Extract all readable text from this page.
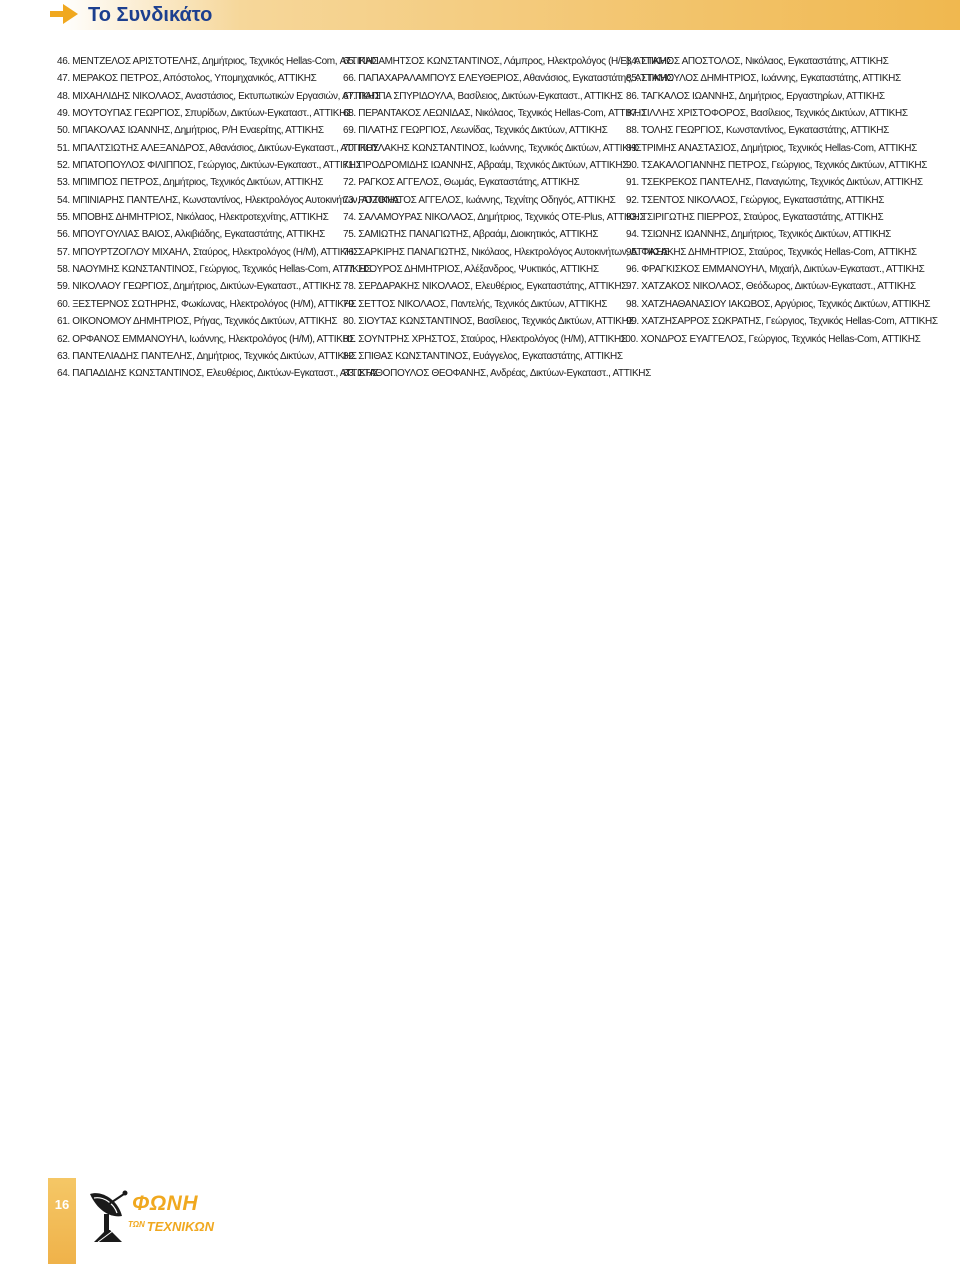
Το Συνδικάτο
46. ΜΕΝΤΖΕΛΟΣ ΑΡΙΣΤΟΤΕΛΗΣ, Δημήτριος, Τεχνικός Hellas-Com, ΑΤΤΙΚΗΣ
47. ΜΕΡΑΚΟΣ ΠΕΤΡΟΣ, Απόστολος, Υπομηχανικός, ΑΤΤΙΚΗΣ
48. ΜΙΧΑΗΛΙΔΗΣ ΝΙΚΟΛΑΟΣ, Αναστάσιος, Εκτυπωτικών Εργασιών, ΑΤΤΙΚΗΣ
49. ΜΟΥΤΟΥΠΑΣ ΓΕΩΡΓΙΟΣ, Σπυρίδων, Δικτύων-Εγκαταστ., ΑΤΤΙΚΗΣ
50. ΜΠΑΚΟΛΑΣ ΙΩΑΝΝΗΣ, Δημήτριος, Ρ/Η Εναερίτης, ΑΤΤΙΚΗΣ
51. ΜΠΑΛΤΣΙΩΤΗΣ ΑΛΕΞΑΝΔΡΟΣ, Αθανάσιος, Δικτύων-Εγκαταστ., ΑΤΤΙΚΗΣ
52. ΜΠΑΤΟΠΟΥΛΟΣ ΦΙΛΙΠΠΟΣ, Γεώργιος, Δικτύων-Εγκαταστ., ΑΤΤΙΚΗΣ
53. ΜΠΙΜΠΟΣ ΠΕΤΡΟΣ, Δημήτριος, Τεχνικός Δικτύων, ΑΤΤΙΚΗΣ
54. ΜΠΙΝΙΑΡΗΣ ΠΑΝΤΕΛΗΣ, Κωνσταντίνος, Ηλεκτρολόγος Αυτοκινήτων, ΑΤΤΙΚΗΣ
55. ΜΠΟΒΗΣ ΔΗΜΗΤΡΙΟΣ, Νικόλαος, Ηλεκτροτεχνίτης, ΑΤΤΙΚΗΣ
56. ΜΠΟΥΓΟΥΛΙΑΣ ΒΑΙΟΣ, Αλκιβιάδης, Εγκαταστάτης, ΑΤΤΙΚΗΣ
57. ΜΠΟΥΡΤΖΟΓΛΟΥ ΜΙΧΑΗΛ, Σταύρος, Ηλεκτρολόγος (Η/Μ), ΑΤΤΙΚΗΣ
58. ΝΑΟΥΜΗΣ ΚΩΝΣΤΑΝΤΙΝΟΣ, Γεώργιος, Τεχνικός Hellas-Com, ΑΤΤΙΚΗΣ
59. ΝΙΚΟΛΑΟΥ ΓΕΩΡΓΙΟΣ, Δημήτριος, Δικτύων-Εγκαταστ., ΑΤΤΙΚΗΣ
60. ΞΕΣΤΕΡΝΟΣ ΣΩΤΗΡΗΣ, Φωκίωνας, Ηλεκτρολόγος (Η/Μ), ΑΤΤΙΚΗΣ
61. ΟΙΚΟΝΟΜΟΥ ΔΗΜΗΤΡΙΟΣ, Ρήγας, Τεχνικός Δικτύων, ΑΤΤΙΚΗΣ
62. ΟΡΦΑΝΟΣ ΕΜΜΑΝΟΥΗΛ, Ιωάννης, Ηλεκτρολόγος (Η/Μ), ΑΤΤΙΚΗΣ
63. ΠΑΝΤΕΛΙΑΔΗΣ ΠΑΝΤΕΛΗΣ, Δημήτριος, Τεχνικός Δικτύων, ΑΤΤΙΚΗΣ
64. ΠΑΠΑΔΙΔΗΣ ΚΩΝΣΤΑΝΤΙΝΟΣ, Ελευθέριος, Δικτύων-Εγκαταστ., ΑΤΤΙΚΗΣ
65. ΠΑΠΑΜΗΤΣΟΣ ΚΩΝΣΤΑΝΤΙΝΟΣ, Λάμπρος, Ηλεκτρολόγος (Η/Ε), ΑΤΤΙΚΗΣ
66. ΠΑΠΑΧΑΡΑΛΑΜΠΟΥΣ ΕΛΕΥΘΕΡΙΟΣ, Αθανάσιος, Εγκαταστάτης, ΑΤΤΙΚΗΣ
67. ΠΑΠΠΑ ΣΠΥΡΙΔΟΥΛΑ, Βασίλειος, Δικτύων-Εγκαταστ., ΑΤΤΙΚΗΣ
68. ΠΕΡΑΝΤΑΚΟΣ ΛΕΩΝΙΔΑΣ, Νικόλαος, Τεχνικός Hellas-Com, ΑΤΤΙΚΗΣ
69. ΠΙΛΑΤΗΣ ΓΕΩΡΓΙΟΣ, Λεωνίδας, Τεχνικός Δικτύων, ΑΤΤΙΚΗΣ
70. ΠΟΥΛΑΚΗΣ ΚΩΝΣΤΑΝΤΙΝΟΣ, Ιωάννης, Τεχνικός Δικτύων, ΑΤΤΙΚΗΣ
71. ΠΡΟΔΡΟΜΙΔΗΣ ΙΩΑΝΝΗΣ, Αβραάμ, Τεχνικός Δικτύων, ΑΤΤΙΚΗΣ
72. ΡΑΓΚΟΣ ΑΓΓΕΛΟΣ, Θωμάς, Εγκαταστάτης, ΑΤΤΙΚΗΣ
73. ΡΟΖΟΝΑΤΟΣ ΑΓΓΕΛΟΣ, Ιωάννης, Τεχνίτης Οδηγός, ΑΤΤΙΚΗΣ
74. ΣΑΛΑΜΟΥΡΑΣ ΝΙΚΟΛΑΟΣ, Δημήτριος, Τεχνικός OTE-Plus, ΑΤΤΙΚΗΣ
75. ΣΑΜΙΩΤΗΣ ΠΑΝΑΓΙΩΤΗΣ, Αβραάμ, Διοικητικός, ΑΤΤΙΚΗΣ
76. ΣΑΡΚΙΡΗΣ ΠΑΝΑΓΙΩΤΗΣ, Νικόλαος, Ηλεκτρολόγος Αυτοκινήτων, ΑΤΤΙΚΗΣ
77. ΣΓΟΥΡΟΣ ΔΗΜΗΤΡΙΟΣ, Αλέξανδρος, Ψυκτικός, ΑΤΤΙΚΗΣ
78. ΣΕΡΔΑΡΑΚΗΣ ΝΙΚΟΛΑΟΣ, Ελευθέριος, Εγκαταστάτης, ΑΤΤΙΚΗΣ
79. ΣΕΤΤΟΣ ΝΙΚΟΛΑΟΣ, Παντελής, Τεχνικός Δικτύων, ΑΤΤΙΚΗΣ
80. ΣΙΟΥΤΑΣ ΚΩΝΣΤΑΝΤΙΝΟΣ, Βασίλειος, Τεχνικός Δικτύων, ΑΤΤΙΚΗΣ
81. ΣΟΥΝΤΡΗΣ ΧΡΗΣΤΟΣ, Σταύρος, Ηλεκτρολόγος (Η/Μ), ΑΤΤΙΚΗΣ
82. ΣΠΙΘΑΣ ΚΩΝΣΤΑΝΤΙΝΟΣ, Ευάγγελος, Εγκαταστάτης, ΑΤΤΙΚΗΣ
83. ΣΤΑΘΟΠΟΥΛΟΣ ΘΕΟΦΑΝΗΣ, Ανδρέας, Δικτύων-Εγκαταστ., ΑΤΤΙΚΗΣ
84. ΣΤΑΜΟΣ ΑΠΟΣΤΟΛΟΣ, Νικόλαος, Εγκαταστάτης, ΑΤΤΙΚΗΣ
85. ΣΤΑΜΟΥΛΟΣ ΔΗΜΗΤΡΙΟΣ, Ιωάννης, Εγκαταστάτης, ΑΤΤΙΚΗΣ
86. ΤΑΓΚΑΛΟΣ ΙΩΑΝΝΗΣ, Δημήτριος, Εργαστηρίων, ΑΤΤΙΚΗΣ
87. ΤΙΛΛΗΣ ΧΡΙΣΤΟΦΟΡΟΣ, Βασίλειος, Τεχνικός Δικτύων, ΑΤΤΙΚΗΣ
88. ΤΟΛΗΣ ΓΕΩΡΓΙΟΣ, Κωνσταντίνος, Εγκαταστάτης, ΑΤΤΙΚΗΣ
89. ΤΡΙΜΗΣ ΑΝΑΣΤΑΣΙΟΣ, Δημήτριος, Τεχνικός Hellas-Com, ΑΤΤΙΚΗΣ
90. ΤΣΑΚΑΛΟΓΙΑΝΝΗΣ ΠΕΤΡΟΣ, Γεώργιος, Τεχνικός Δικτύων, ΑΤΤΙΚΗΣ
91. ΤΣΕΚΡΕΚΟΣ ΠΑΝΤΕΛΗΣ, Παναγιώτης, Τεχνικός Δικτύων, ΑΤΤΙΚΗΣ
92. ΤΣΕΝΤΟΣ ΝΙΚΟΛΑΟΣ, Γεώργιος, Εγκαταστάτης, ΑΤΤΙΚΗΣ
93. ΤΣΙΡΙΓΩΤΗΣ ΠΙΕΡΡΟΣ, Σταύρος, Εγκαταστάτης, ΑΤΤΙΚΗΣ
94. ΤΣΙΩΝΗΣ ΙΩΑΝΝΗΣ, Δημήτριος, Τεχνικός Δικτύων, ΑΤΤΙΚΗΣ
95. ΦΑΣΑΚΗΣ ΔΗΜΗΤΡΙΟΣ, Σταύρος, Τεχνικός Hellas-Com, ΑΤΤΙΚΗΣ
96. ΦΡΑΓΚΙΣΚΟΣ ΕΜΜΑΝΟΥΗΛ, Μιχαήλ, Δικτύων-Εγκαταστ., ΑΤΤΙΚΗΣ
97. ΧΑΤΖΑΚΟΣ ΝΙΚΟΛΑΟΣ, Θεόδωρος, Δικτύων-Εγκαταστ., ΑΤΤΙΚΗΣ
98. ΧΑΤΖΗΑΘΑΝΑΣΙΟΥ ΙΑΚΩΒΟΣ, Αργύριος, Τεχνικός Δικτύων, ΑΤΤΙΚΗΣ
99. ΧΑΤΖΗΣΑΡΡΟΣ ΣΩΚΡΑΤΗΣ, Γεώργιος, Τεχνικός Hellas-Com, ΑΤΤΙΚΗΣ
100. ΧΟΝΔΡΟΣ ΕΥΑΓΓΕΛΟΣ, Γεώργιος, Τεχνικός Hellas-Com, ΑΤΤΙΚΗΣ
16	ΦΩΝΗ
$^{T\Omega N}$ ΤΕΧΝΙΚΩΝ
